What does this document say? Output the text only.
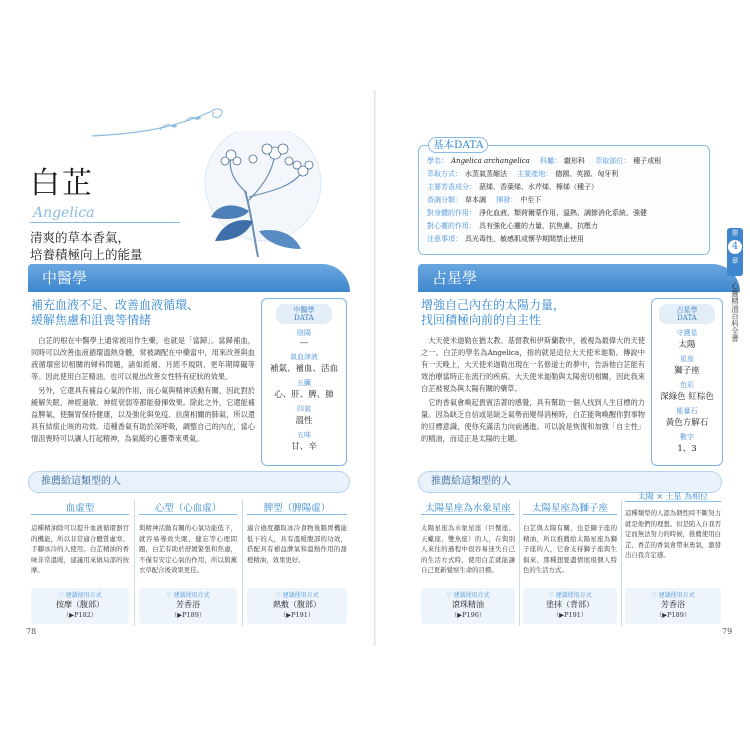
白芷
Angelica
清爽的草本香氣，
培養積極向上的能量
中醫學
補充血液不足、改善血液循環、
緩解焦慮和沮喪等情緒
白芷的根在中醫學上通常被用作生藥，也就是「當歸」。當歸補血，同時可以改善血液循環溫熱身體，常被調配在中藥當中，用來改善與血液循環密切相關的婦科問題，諸如經痛、月經不規則、更年期障礙等等。因此使用白芷精油，也可以視出改善女性特有症狀的效果。
另外，它還具有補益心氣的作用，而心氣與精神活動有關，因此對於緩解失眠、神經過敏、神經衰弱等都能發揮效果。除此之外，它還能補益脾氣，使腸胃保持健康，以及強化與免疫、抗菌相關的肺氣，所以還具有結痰止咳的功效。這種香氣有助於深呼吸，調整自己的內在，當心情沮喪時可以讓人打起精神，為氣餒的心靈帶來勇氣。
中醫學
DATA
陰陽
—
氣血津液
補氣、補血、活血
五臟
心、肝、脾、肺
四氣
溫性
五味
甘、辛
推薦給這類型的人
血虛型
這種精油除可以提升血液循環器官的機能，所以非常適合體質虛寒、手腳冰冷的人使用。白芷精油的香味非常溫暖，建議用來做局部的按摩。
♡ 建議使用方式
按摩（腹部）
（▶P182）
心型（心血虛）
與精神活動有關的心氣功能低下，就容易導致失眠、健忘等心理問題，白芷有助於舒緩緊張和焦慮，不僅有安定心氣的作用，所以與薰衣草配合後效果更佳。
♡ 建議使用方式
芳香浴
（▶P189）
脾型（脾陽虛）
適合過度攝取冰冷食物後腸胃機能低下的人，具有溫暖腹部的功效，搭配具有補益脾氣和溫熱作用的甜橙精油，效果更好。
♡ 建議使用方式
熱敷（腹部）
（▶P191）
78
學名： Angelica archangelica 科屬： 繖形科 萃取部位： 種子或根
萃取方式： 水蒸氣蒸餾法 主要產地： 德國、英國、匈牙利
主要芳香成分： 蒎烯、香葉烯、水芹烯、檸烯（種子）
香調分類： 草本調 揮發： 中至下
對身體的作用： 淨化血液、類荷爾蒙作用、溫熱、調節消化系統、強健
對心靈的作用： 具有強化心靈的力量，抗焦慮、抗壓力
注意事項： 具光毒性，敏感肌或懷孕期間禁止使用
基本DATA
占星學
增強自己內在的太陽力量，
找回積極向前的自主性
大天使米迦勒在猶太教、基督教和伊斯蘭教中，被視為最偉大的天使之一。白芷的學名為Angelica，指的就是這位大天使米迦勒。傳說中有一天晚上，大天使米迦勒出現在一名修道士的夢中，告訴他白芷能有效治療當時正在流行的疾病。大天使米迦勒與太陽密切相關，因此我來白芷被視為與太陽有關的藥草。
它的香氣會喚起貴賓活著的感覺，具有幫助一個人找到人生目標的力量。因為缺乏自信或是缺乏氣勢而變得消極時，白芷能夠喚醒你對事物的目標意識，使你充滿活力向前邁進。可以說是恢復和加強「自主性」的精油，而這正是太陽的主題。
占星學
DATA
守護星
太陽
星座
獅子座
色彩
深綠色 紅棕色
能量石
黃色方解石
數字
1、3
推薦給這類型的人
太陽星座為水象星座
太陽星座為水象星座（巨蟹座、天蠍座、雙魚座）的人，在與別人來往的過程中很容易迷失自己的生活方式時，使用白芷就能讓自己更新覺察生命的目標。
♡ 建議使用方式
滾珠精油
（▶P196）
太陽星座為獅子座
白芷與太陽有關，也是獅子座的精油，所以推薦給太陽星座為獅子座的人，它會支持獅子座與生俱來、那種想要盡情展現個人特色的生活方式。
♡ 建議使用方式
塗抹（背部）
（▶P191）
太陽 × 土星 為相位
這種類型的人認為個性時不斷努力就是他們的理想。但是陷入自我否定而無法努力的時候，推薦使用白芷、香芷的香氣會帶來勇氣，激發出自我肯定感。
♡ 建議使用方式
芳香浴
（▶P189）
79
第
4
章
心靈精油百科全書
